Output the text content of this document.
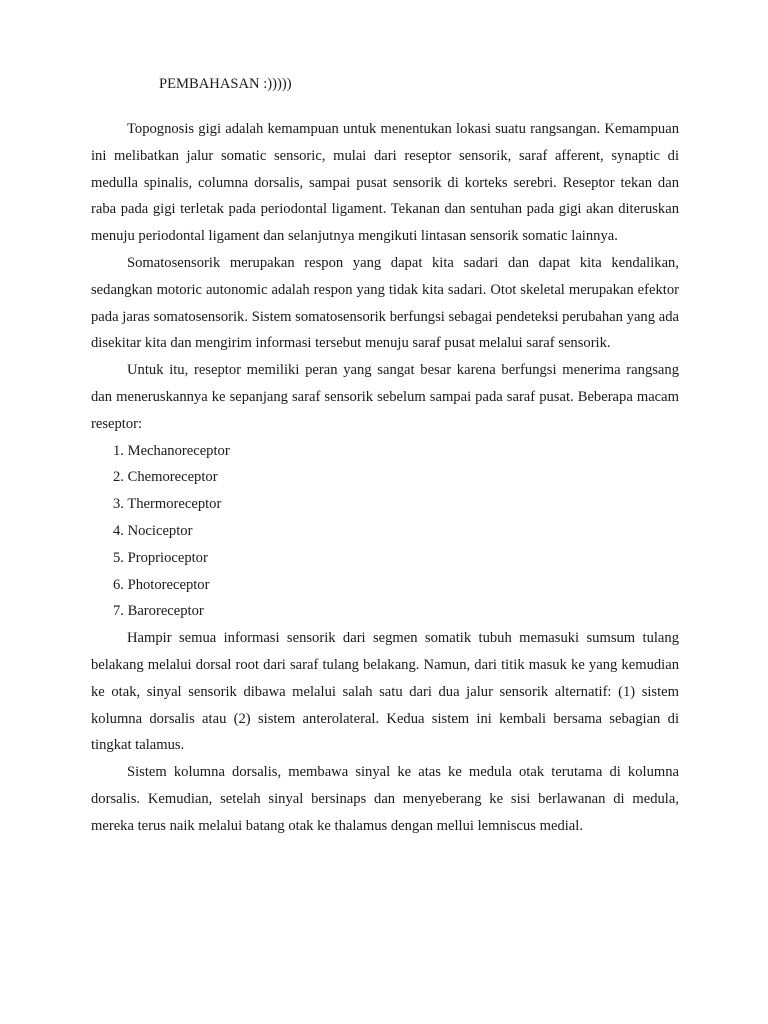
PEMBAHASAN :)))))

Topognosis gigi adalah kemampuan untuk menentukan lokasi suatu rangsangan. Kemampuan ini melibatkan jalur somatic sensoric, mulai dari reseptor sensorik, saraf afferent, synaptic di medulla spinalis, columna dorsalis, sampai pusat sensorik di korteks serebri. Reseptor tekan dan raba pada gigi terletak pada periodontal ligament. Tekanan dan sentuhan pada gigi akan diteruskan menuju periodontal ligament dan selanjutnya mengikuti lintasan sensorik somatic lainnya.

Somatosensorik merupakan respon yang dapat kita sadari dan dapat kita kendalikan, sedangkan motoric autonomic adalah respon yang tidak kita sadari. Otot skeletal merupakan efektor pada jaras somatosensorik. Sistem somatosensorik berfungsi sebagai pendeteksi perubahan yang ada disekitar kita dan mengirim informasi tersebut menuju saraf pusat melalui saraf sensorik.

Untuk itu, reseptor memiliki peran yang sangat besar karena berfungsi menerima rangsang dan meneruskannya ke sepanjang saraf sensorik sebelum sampai pada saraf pusat. Beberapa macam reseptor:

1. Mechanoreceptor
2. Chemoreceptor
3. Thermoreceptor
4. Nociceptor
5. Proprioceptor
6. Photoreceptor
7. Baroreceptor

Hampir semua informasi sensorik dari segmen somatik tubuh memasuki sumsum tulang belakang melalui dorsal root dari saraf tulang belakang. Namun, dari titik masuk ke yang kemudian ke otak, sinyal sensorik dibawa melalui salah satu dari dua jalur sensorik alternatif: (1) sistem kolumna dorsalis atau (2) sistem anterolateral. Kedua sistem ini kembali bersama sebagian di tingkat talamus.

Sistem kolumna dorsalis, membawa sinyal ke atas ke medula otak terutama di kolumna dorsalis. Kemudian, setelah sinyal bersinaps dan menyeberang ke sisi berlawanan di medula, mereka terus naik melalui batang otak ke thalamus dengan mellui lemniscus medial.
